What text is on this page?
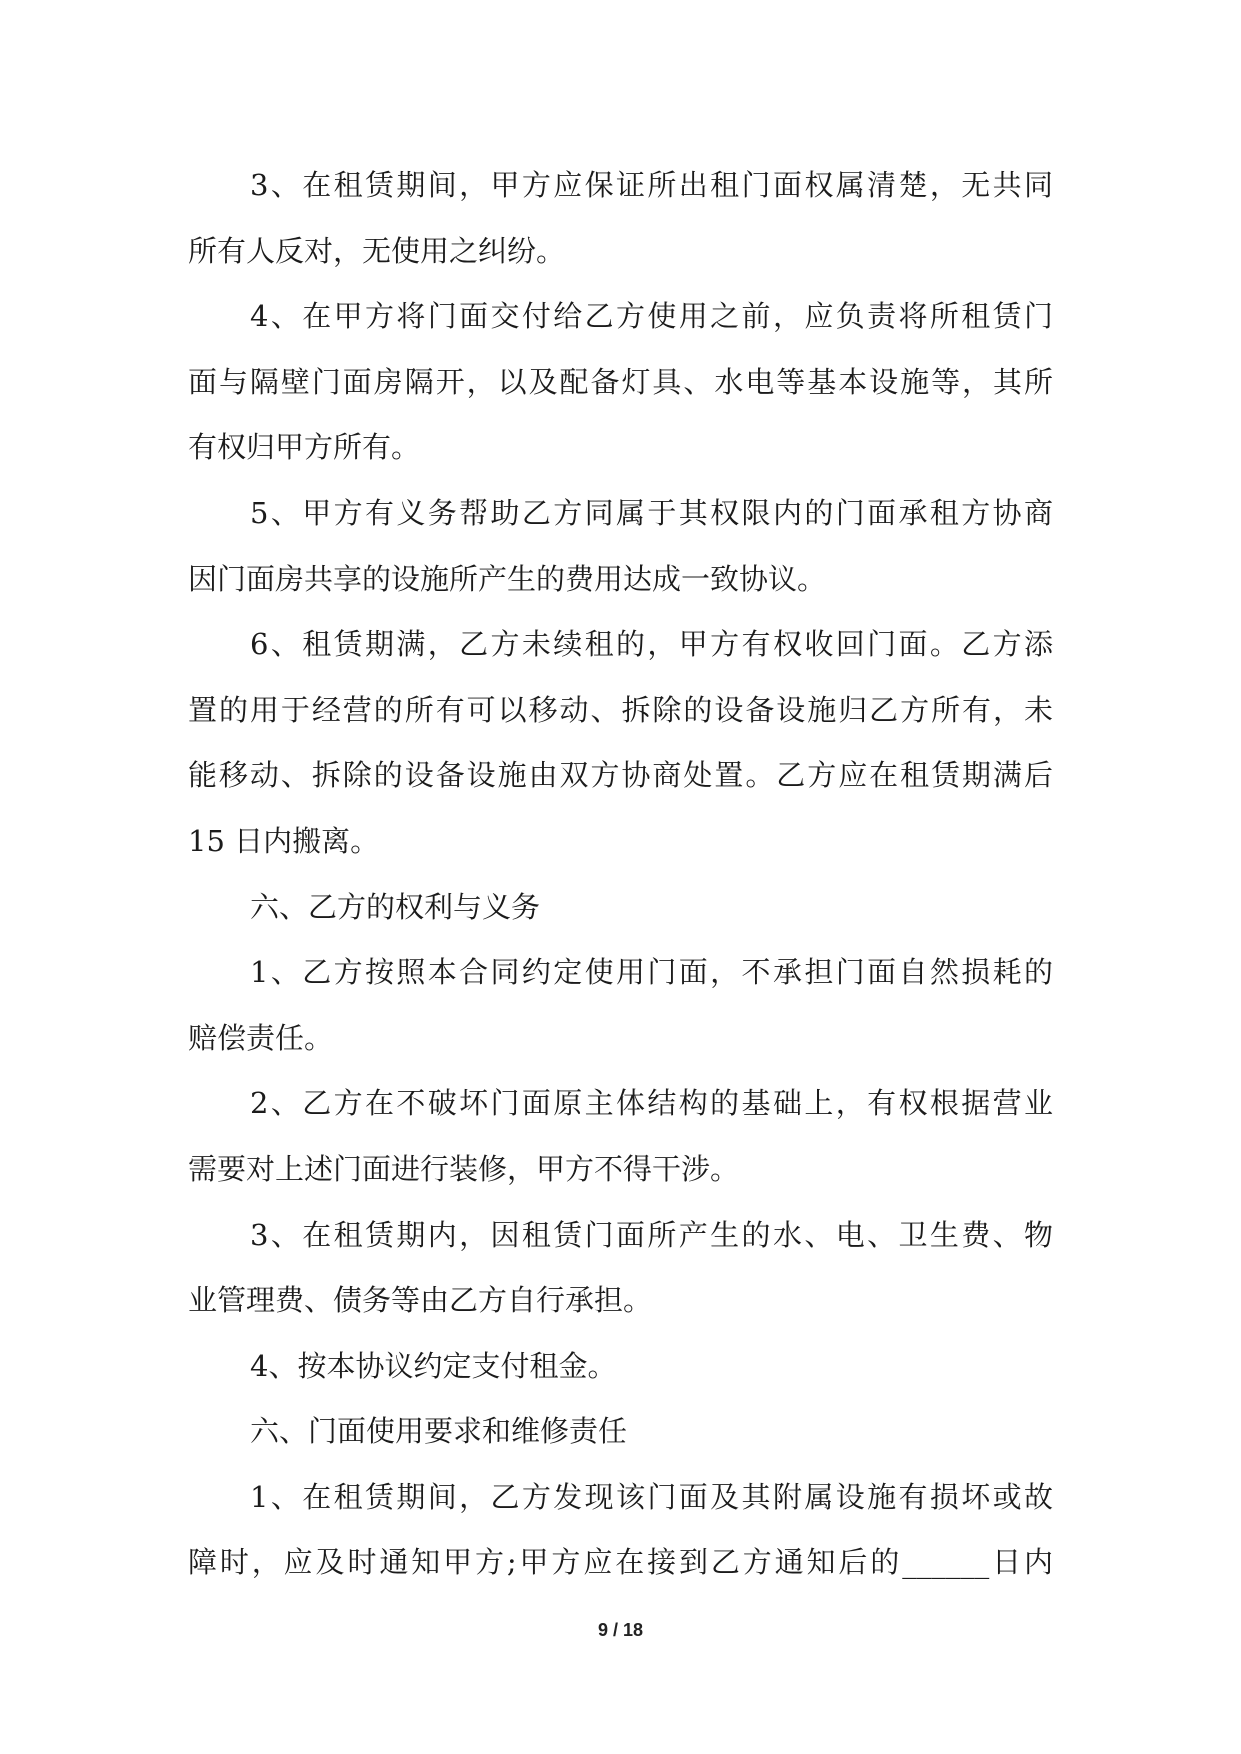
3、在租赁期间，甲方应保证所出租门面权属清楚，无共同
所有人反对，无使用之纠纷。
4、在甲方将门面交付给乙方使用之前，应负责将所租赁门
面与隔壁门面房隔开，以及配备灯具、水电等基本设施等，其所
有权归甲方所有。
5、甲方有义务帮助乙方同属于其权限内的门面承租方协商
因门面房共享的设施所产生的费用达成一致协议。
6、租赁期满，乙方未续租的，甲方有权收回门面。乙方添
置的用于经营的所有可以移动、拆除的设备设施归乙方所有，未
能移动、拆除的设备设施由双方协商处置。乙方应在租赁期满后
15 日内搬离。
六、乙方的权利与义务
1、乙方按照本合同约定使用门面，不承担门面自然损耗的
赔偿责任。
2、乙方在不破坏门面原主体结构的基础上，有权根据营业
需要对上述门面进行装修，甲方不得干涉。
3、在租赁期内，因租赁门面所产生的水、电、卫生费、物
业管理费、债务等由乙方自行承担。
4、按本协议约定支付租金。
六、门面使用要求和维修责任
1、在租赁期间，乙方发现该门面及其附属设施有损坏或故
障时，应及时通知甲方;甲方应在接到乙方通知后的______日内
9 / 18
